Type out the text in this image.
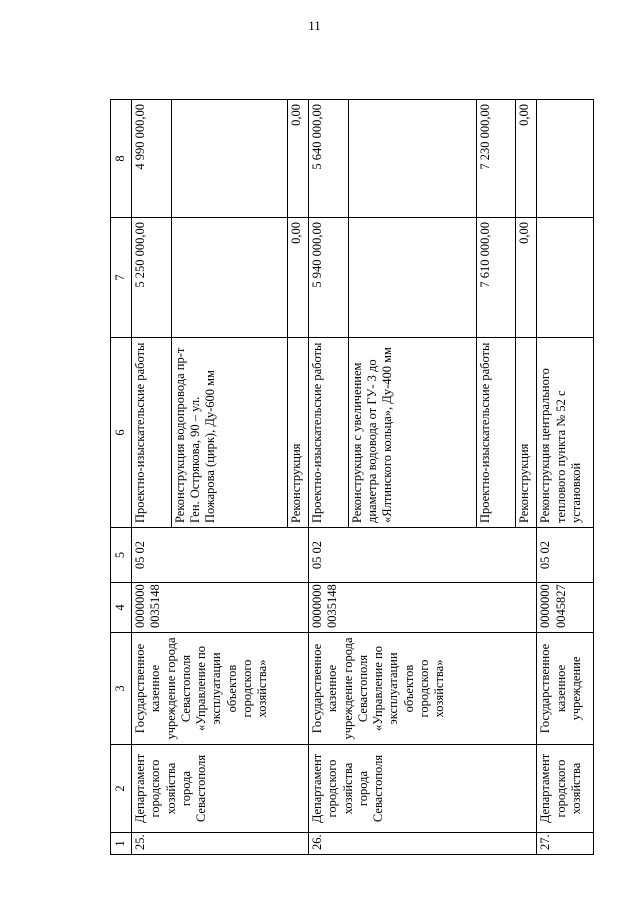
11
1	2	3	4	5	6	7	8
25.	Департамент городского хозяйства города Севастополя	Государственное казенное учреждение города Севастополя «Управление по эксплуатации объектов городского хозяйства»	0000000 0035148	05 02	Проектно-изыскательские работы	5 250 000,00	4 990 000,00
					Реконструкция водопровода пр-т Ген. Острякова, 90 – ул. Пожарова (цирк), Ду-600 мм		
					Реконструкция	0,00	0,00
26.	Департамент городского хозяйства города Севастополя	Государственное казенное учреждение города Севастополя «Управление по эксплуатации объектов городского хозяйства»	0000000 0035148	05 02	Проектно-изыскательские работы	5 940 000,00	5 640 000,00
					Реконструкция с увеличением диаметра водовода от ГУ- 3 до «Ялтинского кольца», Ду-400 мм		
					Проектно-изыскательские работы	7 610 000,00	7 230 000,00
					Реконструкция	0,00	0,00
27.	Департамент городского хозяйства	Государственное казенное учреждение	0000000 0045827	05 02	Реконструкция центрального теплового пункта № 52 с установкой		
